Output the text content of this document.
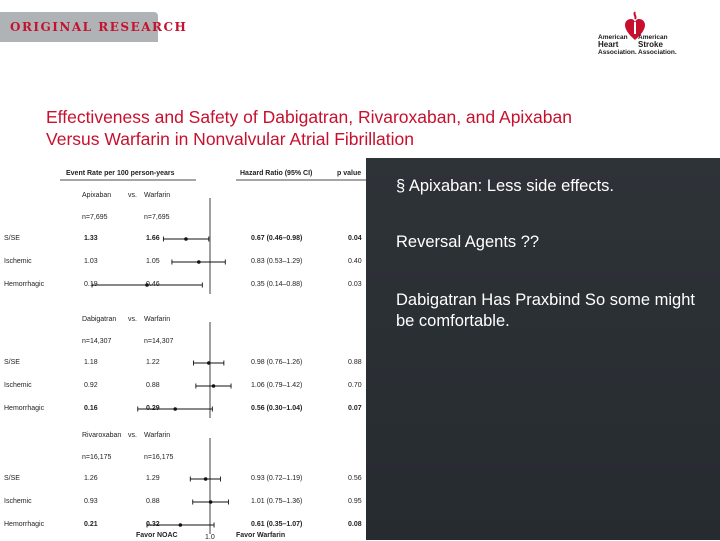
ORIGINAL RESEARCH
American
Heart
Association.
American
Stroke
Association.
Effectiveness and Safety of Dabigatran, Rivaroxaban, and Apixaban
Versus Warfarin in Nonvalvular Atrial Fibrillation
Event Rate per 100 person-years	Hazard Ratio (95% CI)	p value
Apixaban vs. Warfarin
n=7,695	n=7,695
S/SE	1.33	1.66	0.67 (0.46–0.98)	0.04
Ischemic	1.03	1.05	0.83 (0.53–1.29)	0.40
Hemorrhagic	0.19	0.46	0.35 (0.14–0.88)	0.03
Dabigatran vs. Warfarin
n=14,307	n=14,307
S/SE	1.18	1.22	0.98 (0.76–1.26)	0.88
Ischemic	0.92	0.88	1.06 (0.79–1.42)	0.70
Hemorrhagic	0.16	0.29	0.56 (0.30–1.04)	0.07
Rivaroxaban vs. Warfarin
n=16,175	n=16,175
S/SE	1.26	1.29	0.93 (0.72–1.19)	0.56
Ischemic	0.93	0.88	1.01 (0.75–1.36)	0.95
Hemorrhagic	0.21	0.32	0.61 (0.35–1.07)	0.08
Favor NOAC	1.0	Favor Warfarin
§ Apixaban: Less side effects.
Reversal Agents ??
Dabigatran Has Praxbind So some might be comfortable.
